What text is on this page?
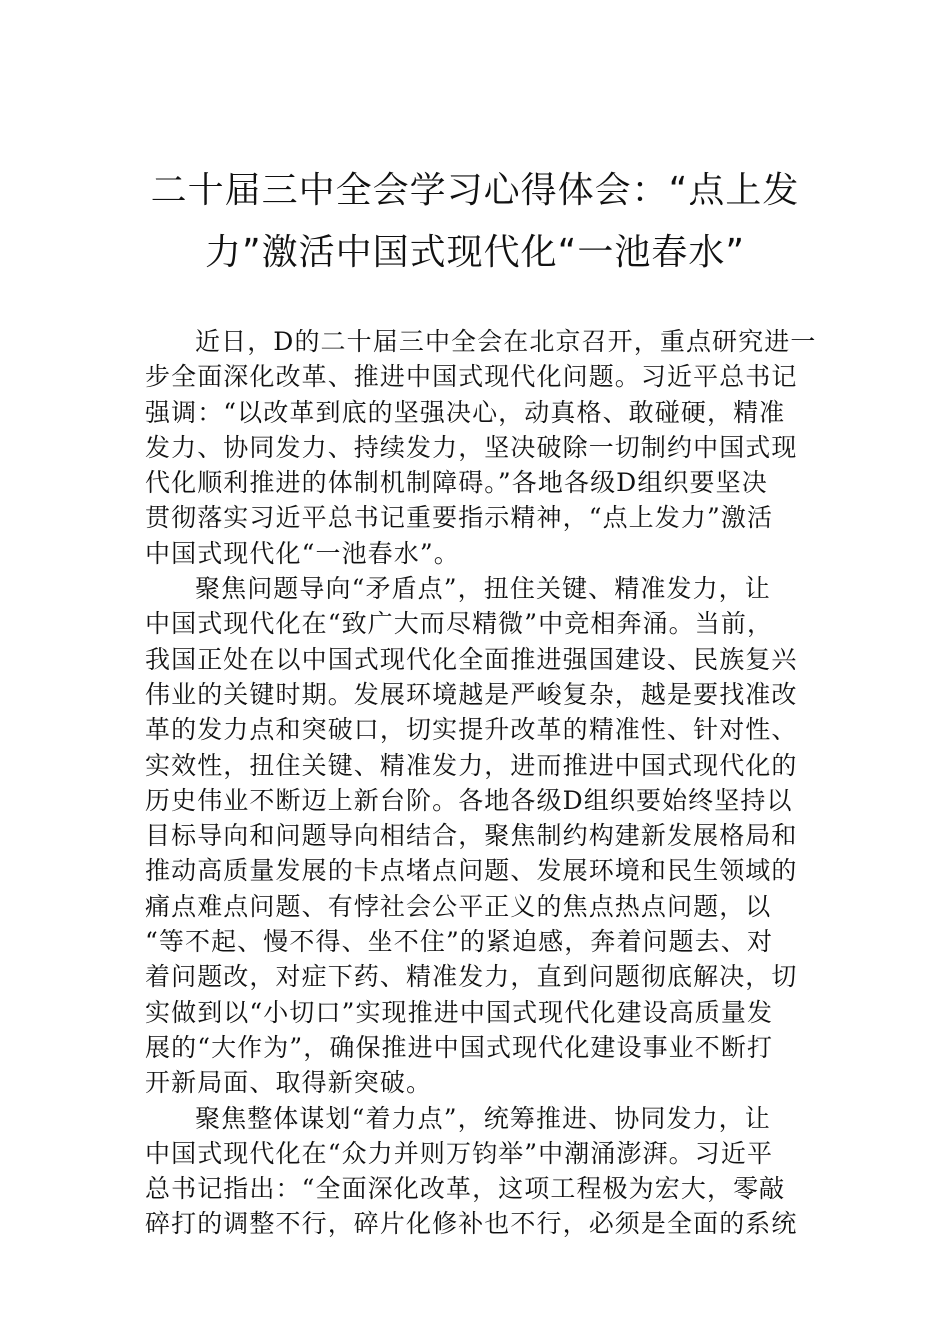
二十届三中全会学习心得体会：“点上发
力”激活中国式现代化“一池春水”

近日，D的二十届三中全会在北京召开，重点研究进一
步全面深化改革、推进中国式现代化问题。习近平总书记
强调：“以改革到底的坚强决心，动真格、敢碰硬，精准
发力、协同发力、持续发力，坚决破除一切制约中国式现
代化顺利推进的体制机制障碍。”各地各级D组织要坚决
贯彻落实习近平总书记重要指示精神，“点上发力”激活
中国式现代化“一池春水”。

聚焦问题导向“矛盾点”，扭住关键、精准发力，让
中国式现代化在“致广大而尽精微”中竞相奔涌。当前，
我国正处在以中国式现代化全面推进强国建设、民族复兴
伟业的关键时期。发展环境越是严峻复杂，越是要找准改
革的发力点和突破口，切实提升改革的精准性、针对性、
实效性，扭住关键、精准发力，进而推进中国式现代化的
历史伟业不断迈上新台阶。各地各级D组织要始终坚持以
目标导向和问题导向相结合，聚焦制约构建新发展格局和
推动高质量发展的卡点堵点问题、发展环境和民生领域的
痛点难点问题、有悖社会公平正义的焦点热点问题，以
“等不起、慢不得、坐不住”的紧迫感，奔着问题去、对
着问题改，对症下药、精准发力，直到问题彻底解决，切
实做到以“小切口”实现推进中国式现代化建设高质量发
展的“大作为”，确保推进中国式现代化建设事业不断打
开新局面、取得新突破。

聚焦整体谋划“着力点”，统筹推进、协同发力，让
中国式现代化在“众力并则万钧举”中潮涌澎湃。习近平
总书记指出：“全面深化改革，这项工程极为宏大，零敲
碎打的调整不行，碎片化修补也不行，必须是全面的系统
